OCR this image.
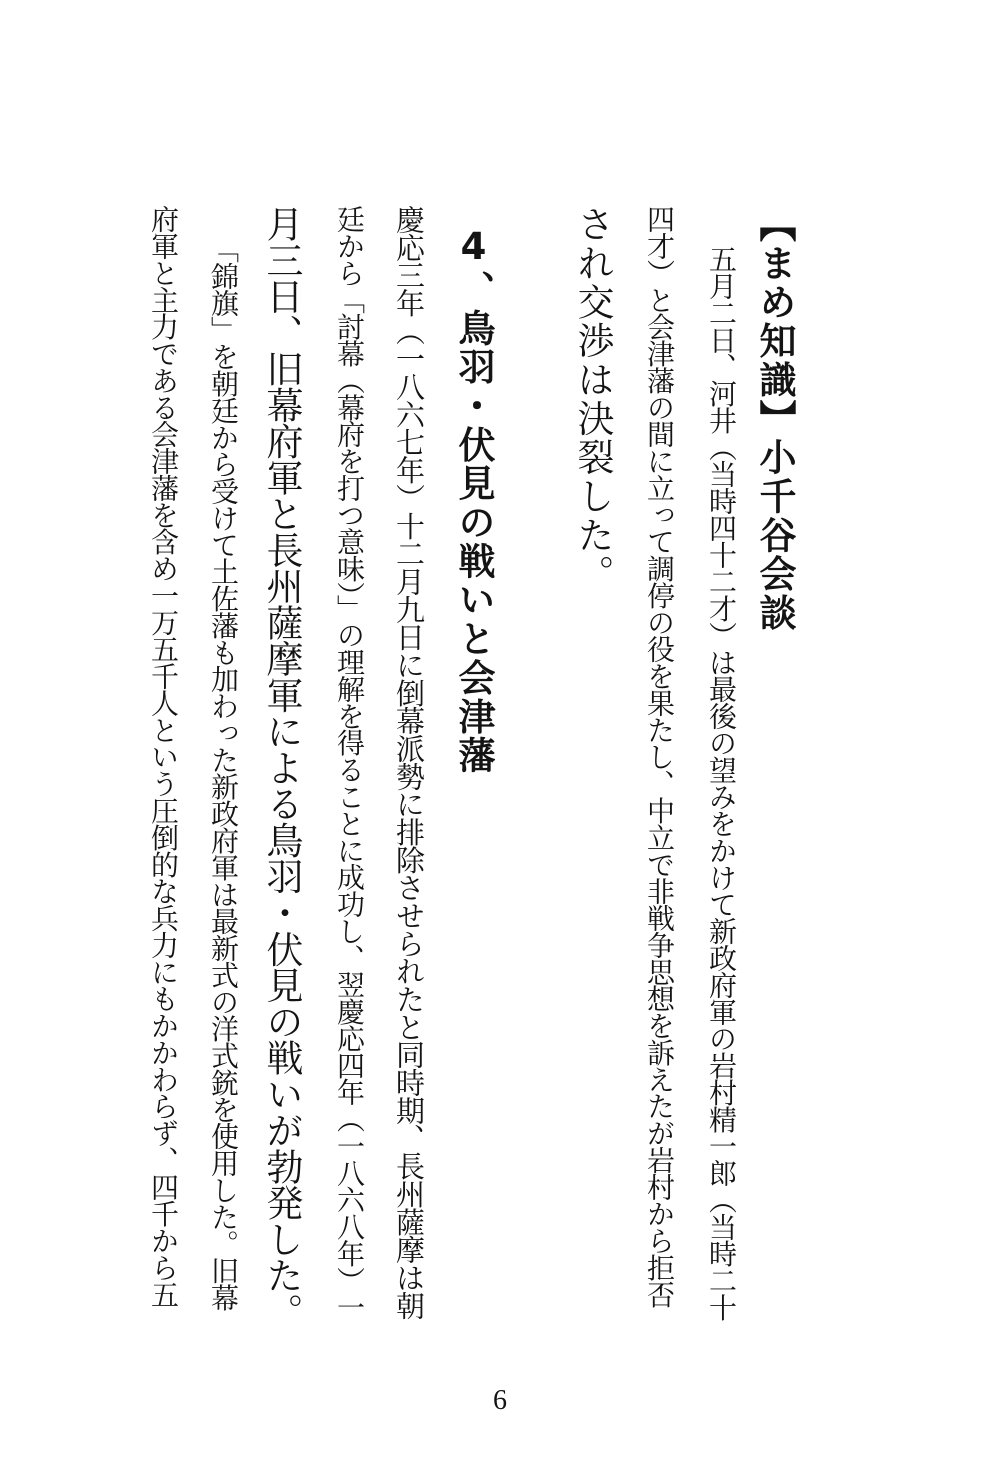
【まめ知識】小千谷会談
五月二日、河井（当時四十二才）は最後の望みをかけて新政府軍の岩村精一郎（当時二十
四才）と会津藩の間に立って調停の役を果たし、中立で非戦争思想を訴えたが岩村から拒否
され交渉は決裂した。
4、鳥羽・伏見の戦いと会津藩
慶応三年（一八六七年）十二月九日に倒幕派勢に排除させられたと同時期、長州薩摩は朝
廷から「討幕（幕府を打つ意味）」の理解を得ることに成功し、翌慶応四年（一八六八年）一
月三日、旧幕府軍と長州薩摩軍による鳥羽・伏見の戦いが勃発した。
「錦旗」を朝廷から受けて土佐藩も加わった新政府軍は最新式の洋式銃を使用した。旧幕
府軍と主力である会津藩を含め一万五千人という圧倒的な兵力にもかかわらず、四千から五
6
